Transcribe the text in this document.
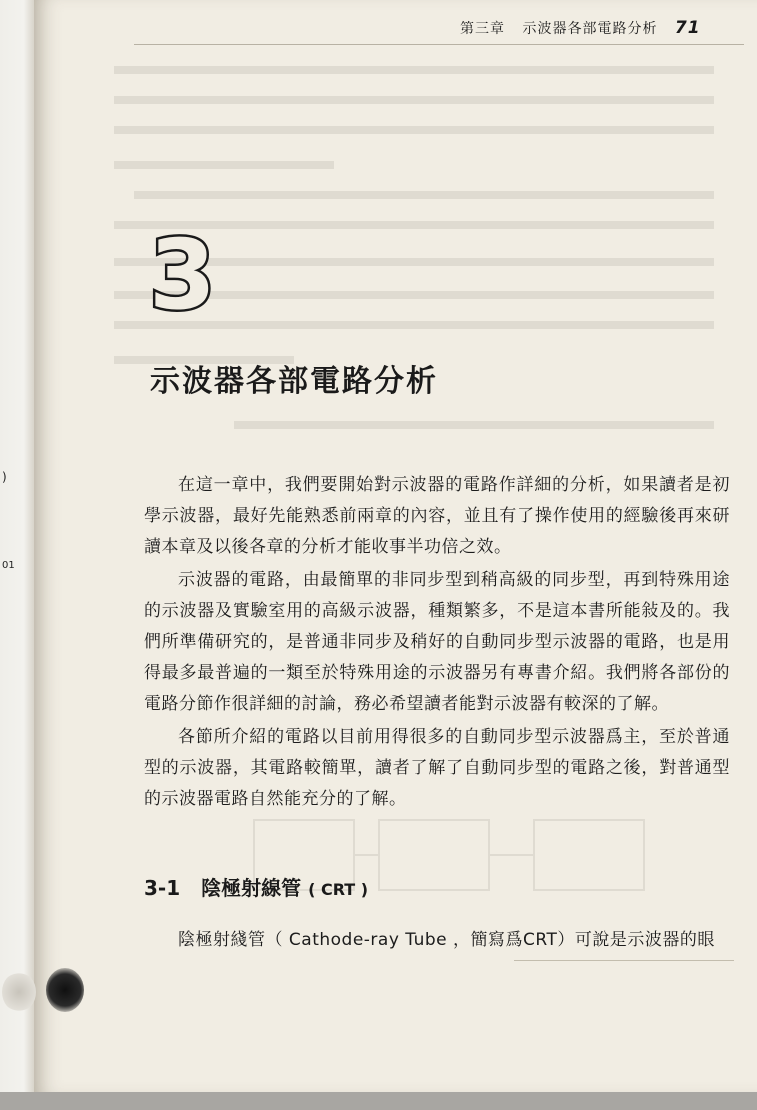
)
01
第三章 示波器各部電路分析 71
3
示波器各部電路分析

在這一章中，我們要開始對示波器的電路作詳細的分析，如果讀者是初學示波器，最好先能熟悉前兩章的內容，並且有了操作使用的經驗後再來研讀本章及以後各章的分析才能收事半功倍之效。

示波器的電路，由最簡單的非同步型到稍高級的同步型，再到特殊用途的示波器及實驗室用的高級示波器，種類繁多，不是這本書所能敍及的。我們所準備研究的，是普通非同步及稍好的自動同步型示波器的電路，也是用得最多最普遍的一類至於特殊用途的示波器另有專書介紹。我們將各部份的電路分節作很詳細的討論，務必希望讀者能對示波器有較深的了解。

各節所介紹的電路以目前用得很多的自動同步型示波器爲主，至於普通型的示波器，其電路較簡單，讀者了解了自動同步型的電路之後，對普通型的示波器電路自然能充分的了解。

3-1 陰極射線管 ( CRT )
陰極射綫管（ Cathode-ray Tube ，簡寫爲CRT）可說是示波器的眼
